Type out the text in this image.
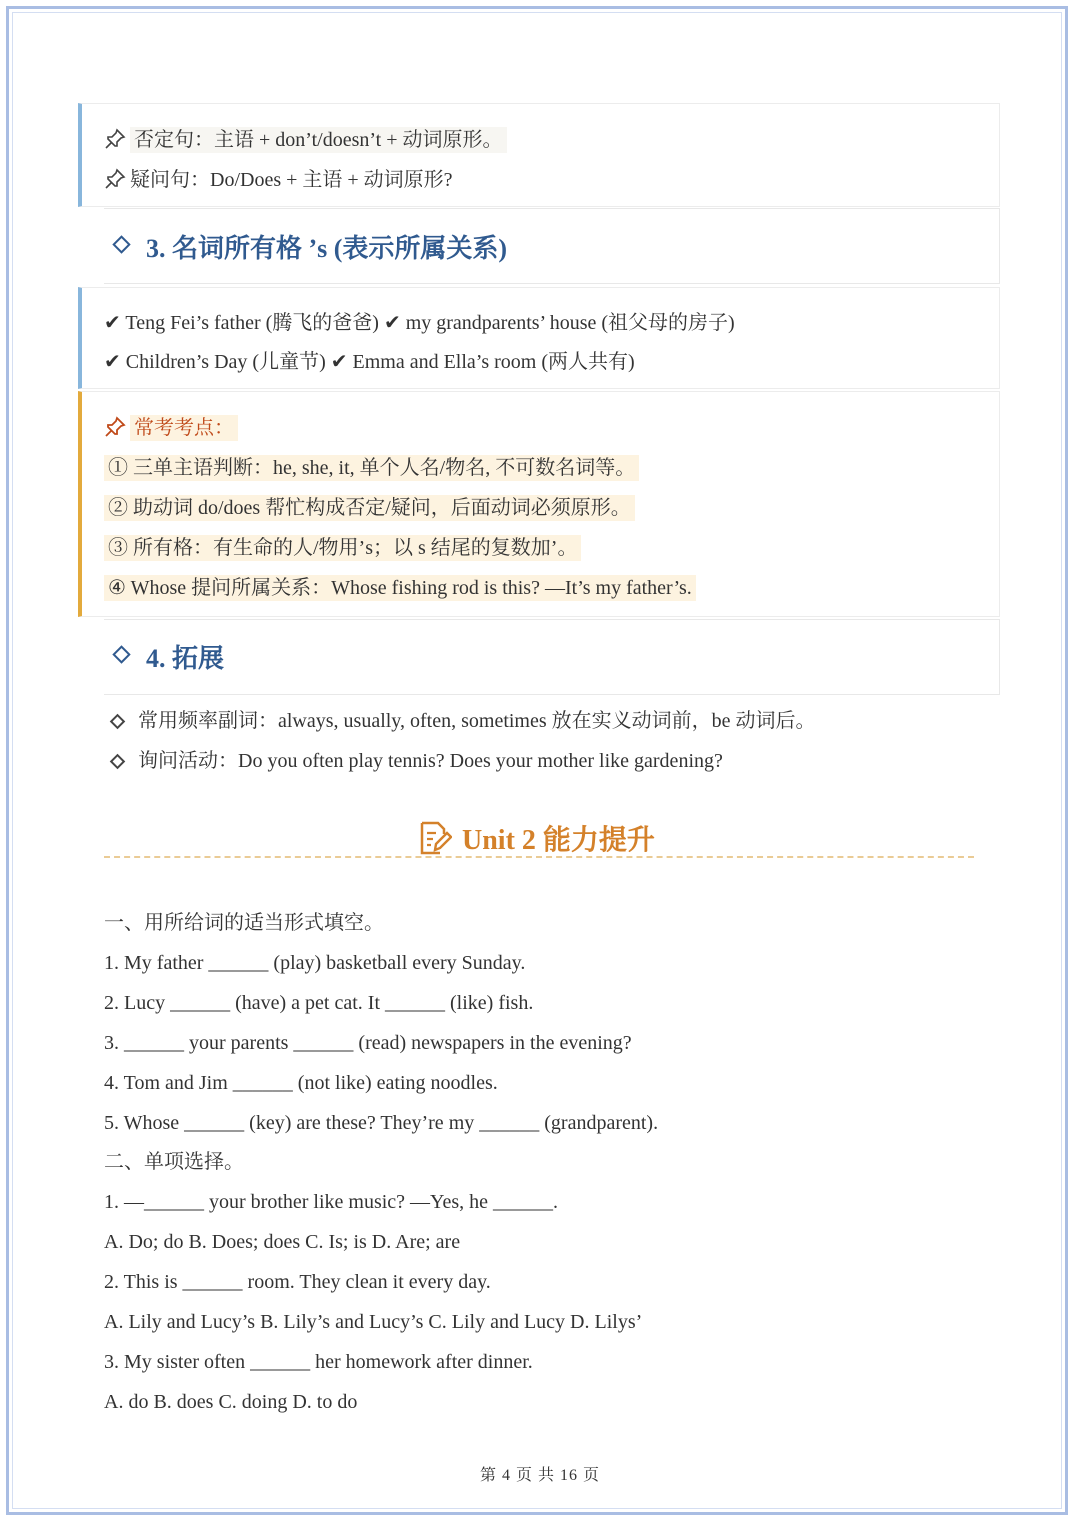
否定句：主语 + don’t/doesn’t + 动词原形。
疑问句：Do/Does + 主语 + 动词原形?
3. 名词所有格 ’s (表示所属关系)
✔ Teng Fei’s father (腾飞的爸爸) ✔ my grandparents’ house (祖父母的房子)
✔ Children’s Day (儿童节) ✔ Emma and Ella’s room (两人共有)
常考考点：
① 三单主语判断：he, she, it, 单个人名/物名, 不可数名词等。
② 助动词 do/does 帮忙构成否定/疑问，后面动词必须原形。
③ 所有格：有生命的人/物用’s；以 s 结尾的复数加’。
④ Whose 提问所属关系：Whose fishing rod is this? —It’s my father’s.
4. 拓展
常用频率副词：always, usually, often, sometimes 放在实义动词前，be 动词后。
询问活动：Do you often play tennis? Does your mother like gardening?
Unit 2 能力提升
一、用所给词的适当形式填空。
1. My father ______ (play) basketball every Sunday.
2. Lucy ______ (have) a pet cat. It ______ (like) fish.
3. ______ your parents ______ (read) newspapers in the evening?
4. Tom and Jim ______ (not like) eating noodles.
5. Whose ______ (key) are these? They’re my ______ (grandparent).
二、单项选择。
1. —______ your brother like music? —Yes, he ______.
A. Do; do B. Does; does C. Is; is D. Are; are
2. This is ______ room. They clean it every day.
A. Lily and Lucy’s B. Lily’s and Lucy’s C. Lily and Lucy D. Lilys’
3. My sister often ______ her homework after dinner.
A. do B. does C. doing D. to do
第 4 页 共 16 页
